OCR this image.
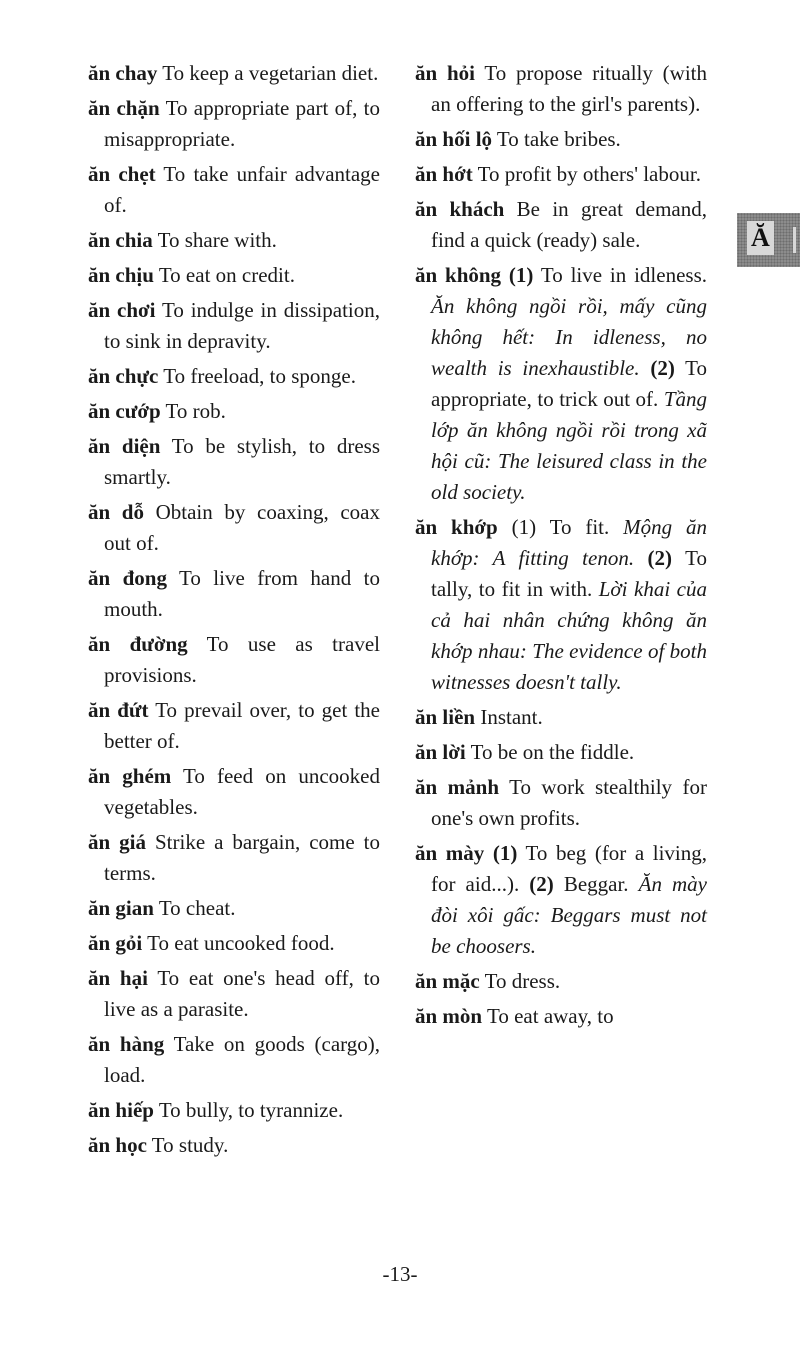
ăn chay To keep a vegetarian diet.

ăn chặn To appropriate part of, to misappropriate.

ăn chẹt To take unfair advantage of.

ăn chia To share with.

ăn chịu To eat on credit.

ăn chơi To indulge in dissipation, to sink in depravity.

ăn chực To freeload, to sponge.

ăn cướp To rob.

ăn diện To be stylish, to dress smartly.

ăn dỗ Obtain by coaxing, coax out of.

ăn đong To live from hand to mouth.

ăn đường To use as travel provisions.

ăn đứt To prevail over, to get the better of.

ăn ghém To feed on uncooked vegetables.

ăn giá Strike a bargain, come to terms.

ăn gian To cheat.

ăn gỏi To eat uncooked food.

ăn hại To eat one's head off, to live as a parasite.

ăn hàng Take on goods (cargo), load.

ăn hiếp To bully, to tyrannize.

ăn học To study.

ăn hỏi To propose ritually (with an offering to the girl's parents).

ăn hối lộ To take bribes.

ăn hớt To profit by others' labour.

ăn khách Be in great demand, find a quick (ready) sale.

ăn không (1) To live in idleness. Ăn không ngồi rồi, mấy cũng không hết: In idleness, no wealth is inexhaustible. (2) To appropriate, to trick out of. Tầng lớp ăn không ngồi rồi trong xã hội cũ: The leisured class in the old society.

ăn khớp (1) To fit. Mộng ăn khớp: A fitting tenon. (2) To tally, to fit in with. Lời khai của cả hai nhân chứng không ăn khớp nhau: The evidence of both witnesses doesn't tally.

ăn liền Instant.

ăn lời To be on the fiddle.

ăn mảnh To work stealthily for one's own profits.

ăn mày (1) To beg (for a living, for aid...). (2) Beggar. Ăn mày đòi xôi gấc: Beggars must not be choosers.

ăn mặc To dress.

ăn mòn To eat away, to

Ă
-13-
